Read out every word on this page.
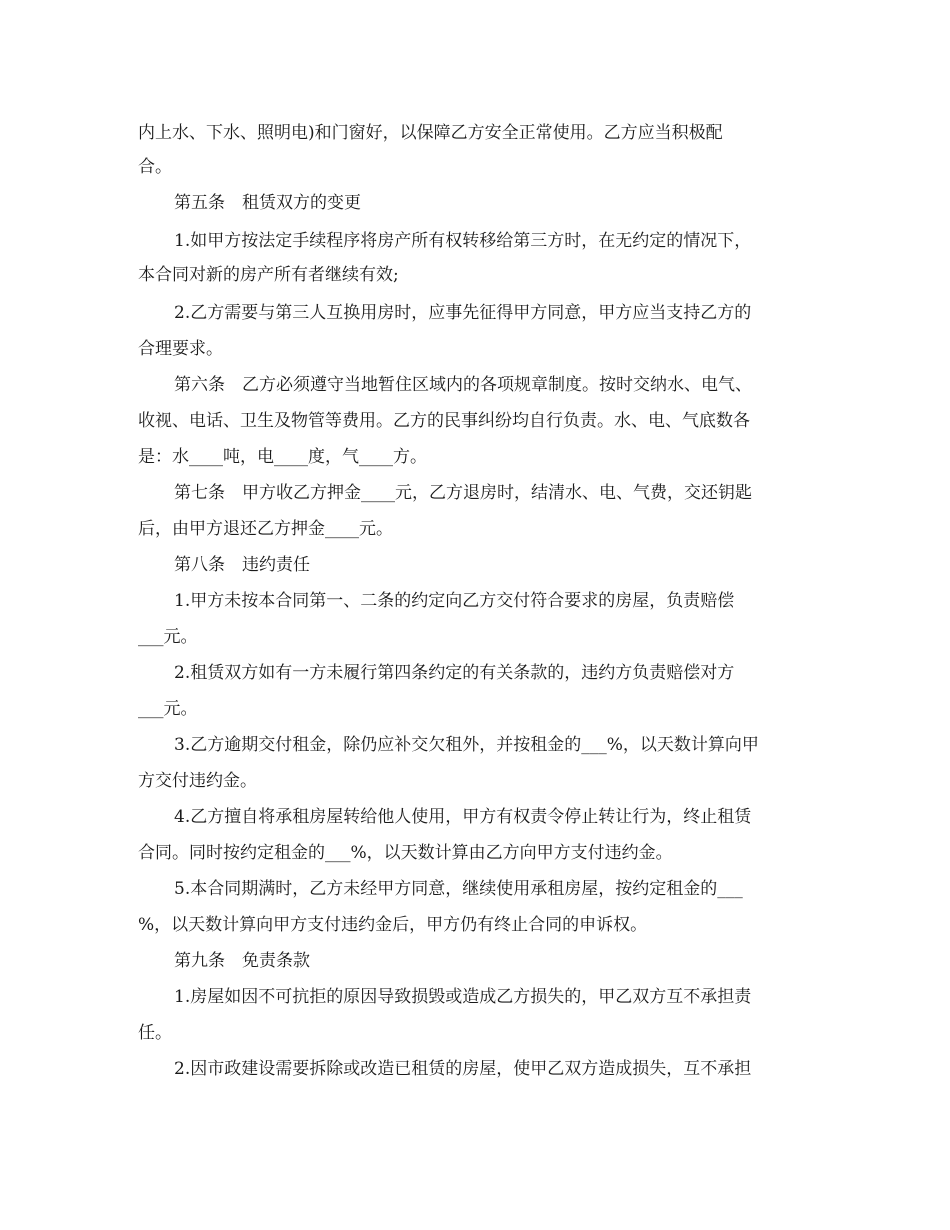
内上水、下水、照明电)和门窗好，以保障乙方安全正常使用。乙方应当积极配
合。
第五条　租赁双方的变更
1.如甲方按法定手续程序将房产所有权转移给第三方时，在无约定的情况下，
本合同对新的房产所有者继续有效;
2.乙方需要与第三人互换用房时，应事先征得甲方同意，甲方应当支持乙方的
合理要求。
第六条　乙方必须遵守当地暂住区域内的各项规章制度。按时交纳水、电气、
收视、电话、卫生及物管等费用。乙方的民事纠纷均自行负责。水、电、气底数各
是：水____吨，电____度，气____方。
第七条　甲方收乙方押金____元，乙方退房时，结清水、电、气费，交还钥匙
后，由甲方退还乙方押金____元。
第八条　违约责任
1.甲方未按本合同第一、二条的约定向乙方交付符合要求的房屋，负责赔偿
___元。
2.租赁双方如有一方未履行第四条约定的有关条款的，违约方负责赔偿对方
___元。
3.乙方逾期交付租金，除仍应补交欠租外，并按租金的___%，以天数计算向甲
方交付违约金。
4.乙方擅自将承租房屋转给他人使用，甲方有权责令停止转让行为，终止租赁
合同。同时按约定租金的___%，以天数计算由乙方向甲方支付违约金。
5.本合同期满时，乙方未经甲方同意，继续使用承租房屋，按约定租金的___
%，以天数计算向甲方支付违约金后，甲方仍有终止合同的申诉权。
第九条　免责条款
1.房屋如因不可抗拒的原因导致损毁或造成乙方损失的，甲乙双方互不承担责
任。
2.因市政建设需要拆除或改造已租赁的房屋，使甲乙双方造成损失，互不承担
